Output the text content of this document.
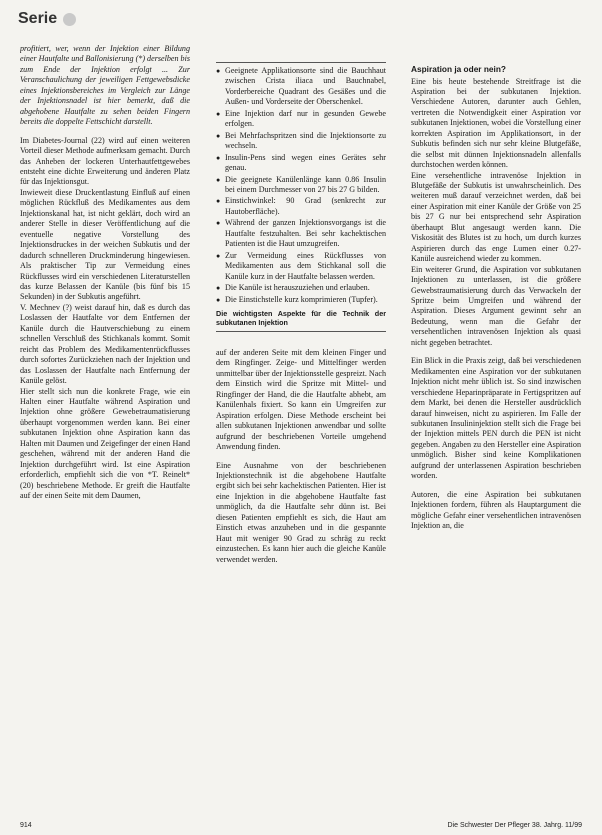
Serie

profitiert, wer, wenn der Injektion einer Bildung einer Hautfalte und Ballonisierung (*) derselben bis zum Ende der Injektion erfolgt ... Zur Veranschaulichung der jeweiligen Fettgewebsdicke eines Injektionsbereiches im Vergleich zur Länge der Injektionsnadel ist hier bemerkt, daß die abgehobene Hautfalte zu sehen beiden Fingern bereits die doppelte Fettschicht darstellt.

Im Diabetes-Journal (22) wird auf einen weiteren Vorteil dieser Methode aufmerksam gemacht. Durch das Anheben der lockeren Unterhautfettgewebes entsteht eine dichte Erweiterung und änderen Platz für das Injektionsgut.

Inwieweit diese Druckentlastung Einfluß auf einen möglichen Rückfluß des Medikamentes aus dem Injektionskanal hat, ist nicht geklärt, doch wird an anderer Stelle in dieser Veröffentlichung auf die eventuelle negative Vorstellung des Injektionsdruckes in der weichen Subkutis und der dadurch schnelleren Druckminderung hingewiesen. Als praktischer Tip zur Vermeidung eines Rückflusses wird ein verschiedenen Literaturstellen das kurze Belassen der Kanüle (bis fünf bis 15 Sekunden) in der Subkutis angeführt.

V. Mechnev (?) weist darauf hin, daß es durch das Loslassen der Hautfalte vor dem Entfernen der Kanüle durch die Hautverschiebung zu einem schnellen Verschluß des Stichkanals kommt. Somit reicht das Problem des Medikamentenrückflusses durch sofortes Zurückziehen nach der Injektion und das Loslassen der Hautfalte nach Entfernung der Kanüle gelöst.

Hier stellt sich nun die konkrete Frage, wie ein Halten einer Hautfalte während Aspiration und Injektion ohne größere Gewebetraumatisierung überhaupt vorgenommen werden kann. Bei einer subkutanen Injektion ohne Aspiration kann das Halten mit Daumen und Zeigefinger der einen Hand geschehen, während mit der anderen Hand die Injektion durchgeführt wird. Ist eine Aspiration erforderlich, empfiehlt sich die von *T. Reinelt* (20) beschriebene Methode. Er greift die Hautfalte auf der einen Seite mit dem Daumen,

● Geeignete Applikationsorte sind die Bauchhaut zwischen Crista iliaca und Bauchnabel, Vorderbereiche Quadrant des Gesäßes und die Außen- und Vorderseite der Oberschenkel.
● Eine Injektion darf nur in gesunden Gewebe erfolgen.
● Bei Mehrfachspritzen sind die Injektionsorte zu wechseln.
● Insulin-Pens sind wegen eines Gerätes sehr genau.
● Die geeignete Kanülenlänge kann 0.86 Insulin bei einem Durchmesser von 27 bis 27 G bilden.
● Einstichwinkel: 90 Grad (senkrecht zur Hautoberfläche).
● Während der ganzen Injektionsvorgangs ist die Hautfalte festzuhalten. Bei sehr kachektischen Patienten ist die Haut umzugreifen.
● Zur Vermeidung eines Rückflusses von Medikamenten aus dem Stichkanal soll die Kanüle kurz in der Hautfalte belassen werden.
● Die Kanüle ist herauszuziehen und erlauben.
● Die Einstichstelle kurz komprimieren (Tupfer).
Die wichtigsten Aspekte für die Technik der subkutanen Injektion

auf der anderen Seite mit dem kleinen Finger und dem Ringfinger. Zeige- und Mittelfinger werden unmittelbar über der Injektionsstelle gespreizt. Nach dem Einstich wird die Spritze mit Mittel- und Ringfinger der Hand, die die Hautfalte abhebt, am Kanülenhals fixiert. So kann ein Umgreifen zur Aspiration erfolgen. Diese Methode erscheint bei allen subkutanen Injektionen anwendbar und sollte aufgrund der beschriebenen Vorteile umgehend Anwendung finden.

Eine Ausnahme von der beschriebenen Injektionstechnik ist die abgehobene Hautfalte ergibt sich bei sehr kachektischen Patienten. Hier ist eine Injektion in die abgehobene Hautfalte fast unmöglich, da die Hautfalte sehr dünn ist. Bei diesen Patienten empfiehlt es sich, die Haut am Einstich etwas anzuheben und in die gespannte Haut mit weniger 90 Grad zu schräg zu reckt einzustechen. Es kann hier auch die gleiche Kanüle verwendet werden.

Aspiration ja oder nein?

Eine bis heute bestehende Streitfrage ist die Aspiration bei der subkutanen Injektion. Verschiedene Autoren, darunter auch Gehlen, vertreten die Notwendigkeit einer Aspiration vor subkutanen Injektionen, wobei die Vorstellung einer korrekten Aspiration im Applikationsort, in der Subkutis befinden sich nur sehr kleine Blutgefäße, die selbst mit dünnen Injektionsnadeln allenfalls durchstochen werden können.

Eine versehentliche intravenöse Injektion in Blutgefäße der Subkutis ist unwahrscheinlich. Des weiteren muß darauf verzeichnet werden, daß bei einer Aspiration mit einer Kanüle der Größe von 25 bis 27 G nur bei entsprechend sehr Aspiration überhaupt Blut angesaugt werden kann. Die Viskosität des Blutes ist zu hoch, um durch kurzes Aspirieren durch das enge Lumen einer 0.27-Kanüle ausreichend wieder zu kommen.

Ein weiterer Grund, die Aspiration vor subkutanen Injektionen zu unterlassen, ist die größere Gewebstraumatisierung durch das Verwackeln der Spritze beim Umgreifen und während der Aspiration. Dieses Argument gewinnt sehr an Bedeutung, wenn man die Gefahr der versehentlichen intravenösen Injektion als quasi nicht gegeben betrachtet.

Ein Blick in die Praxis zeigt, daß bei verschiedenen Medikamenten eine Aspiration vor der subkutanen Injektion nicht mehr üblich ist. So sind inzwischen verschiedene Heparinpräparate in Fertigspritzen auf dem Markt, bei denen die Hersteller ausdrücklich darauf hinweisen, nicht zu aspirieren. Im Falle der subkutanen Insulininjektion stellt sich die Frage bei der Injektion mittels PEN durch die PEN ist nicht gegeben. Angaben zu den Hersteller eine Aspiration unmöglich. Bisher sind keine Komplikationen aufgrund der unterlassenen Aspiration beschrieben worden.

Autoren, die eine Aspiration bei subkutanen Injektionen fordern, führen als Hauptargument die mögliche Gefahr einer versehentlichen intravenösen Injektion an, die

914	Die Schwester Der Pfleger 38. Jahrg. 11/99
